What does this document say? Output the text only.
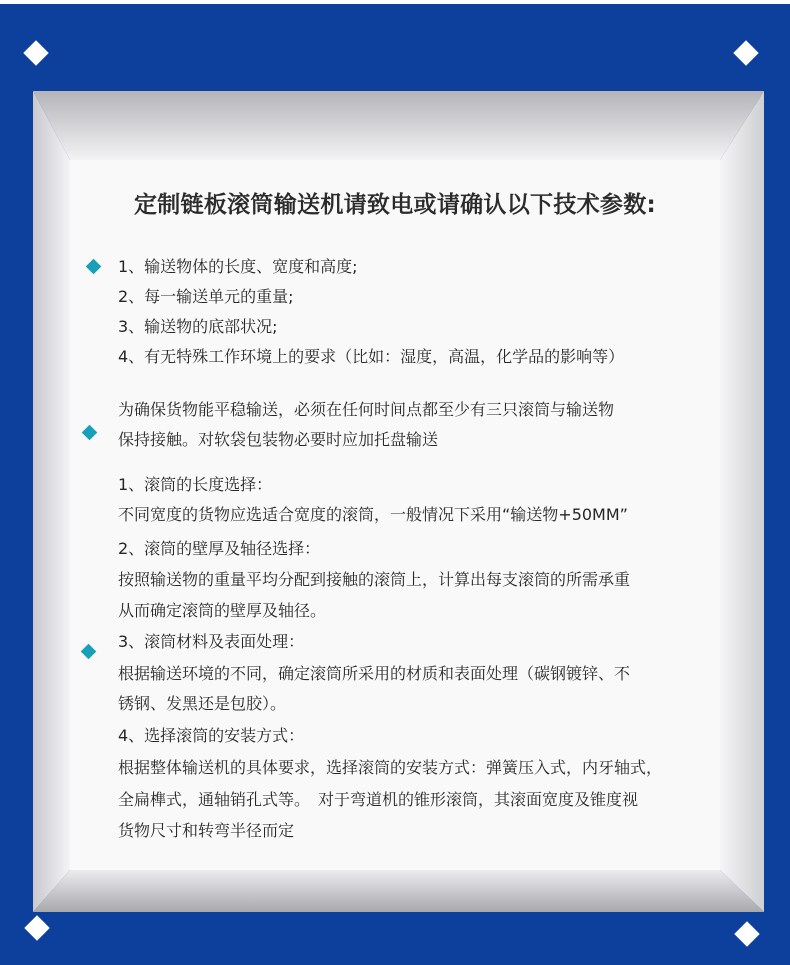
定制链板滚筒输送机请致电或请确认以下技术参数:
1、输送物体的长度、宽度和高度;
2、每一输送单元的重量;
3、输送物的底部状况;
4、有无特殊工作环境上的要求（比如：湿度，高温，化学品的影响等）
为确保货物能平稳输送，必须在任何时间点都至少有三只滚筒与输送物
保持接触。对软袋包装物必要时应加托盘输送
1、滚筒的长度选择：
不同宽度的货物应选适合宽度的滚筒，一般情况下采用“输送物+50MM”
2、滚筒的壁厚及轴径选择：
按照输送物的重量平均分配到接触的滚筒上，计算出每支滚筒的所需承重
从而确定滚筒的壁厚及轴径。
3、滚筒材料及表面处理：
根据输送环境的不同，确定滚筒所采用的材质和表面处理（碳钢镀锌、不
锈钢、发黑还是包胶）。
4、选择滚筒的安装方式：
根据整体输送机的具体要求，选择滚筒的安装方式：弹簧压入式，内牙轴式，
全扁榫式，通轴销孔式等。　对于弯道机的锥形滚筒，其滚面宽度及锥度视
货物尺寸和转弯半径而定
